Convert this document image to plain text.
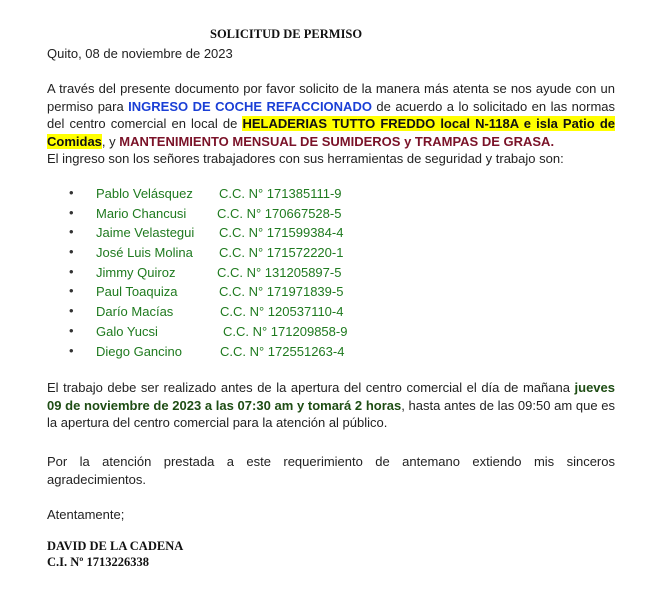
SOLICITUD DE PERMISO
Quito, 08 de noviembre de 2023
A través del presente documento por favor solicito de la manera más atenta se nos ayude con un permiso para INGRESO DE COCHE REFACCIONADO de acuerdo a lo solicitado en las normas del centro comercial en local de HELADERIAS TUTTO FREDDO local N-118A e isla Patio de Comidas, y MANTENIMIENTO MENSUAL DE SUMIDEROS y TRAMPAS DE GRASA.
El ingreso son los señores trabajadores con sus herramientas de seguridad y trabajo son:
• Pablo Velásquez C.C. N° 171385111-9
• Mario Chancusi C.C. N° 170667528-5
• Jaime Velastegui C.C. N° 171599384-4
• José Luis Molina C.C. N° 171572220-1
• Jimmy Quiroz	C.C. N° 131205897-5
• Paul Toaquiza	C.C. N° 171971839-5
• Darío Macías	C.C. N° 120537110-4
• Galo Yucsi	C.C. N° 171209858-9
• Diego Gancino	C.C. N° 172551263-4
El trabajo debe ser realizado antes de la apertura del centro comercial el día de mañana jueves 09 de noviembre de 2023 a las 07:30 am y tomará 2 horas, hasta antes de las 09:50 am que es la apertura del centro comercial para la atención al público.
Por la atención prestada a este requerimiento de antemano extiendo mis sinceros agradecimientos.
Atentamente;
DAVID DE LA CADENA
C.I. Nº 1713226338
